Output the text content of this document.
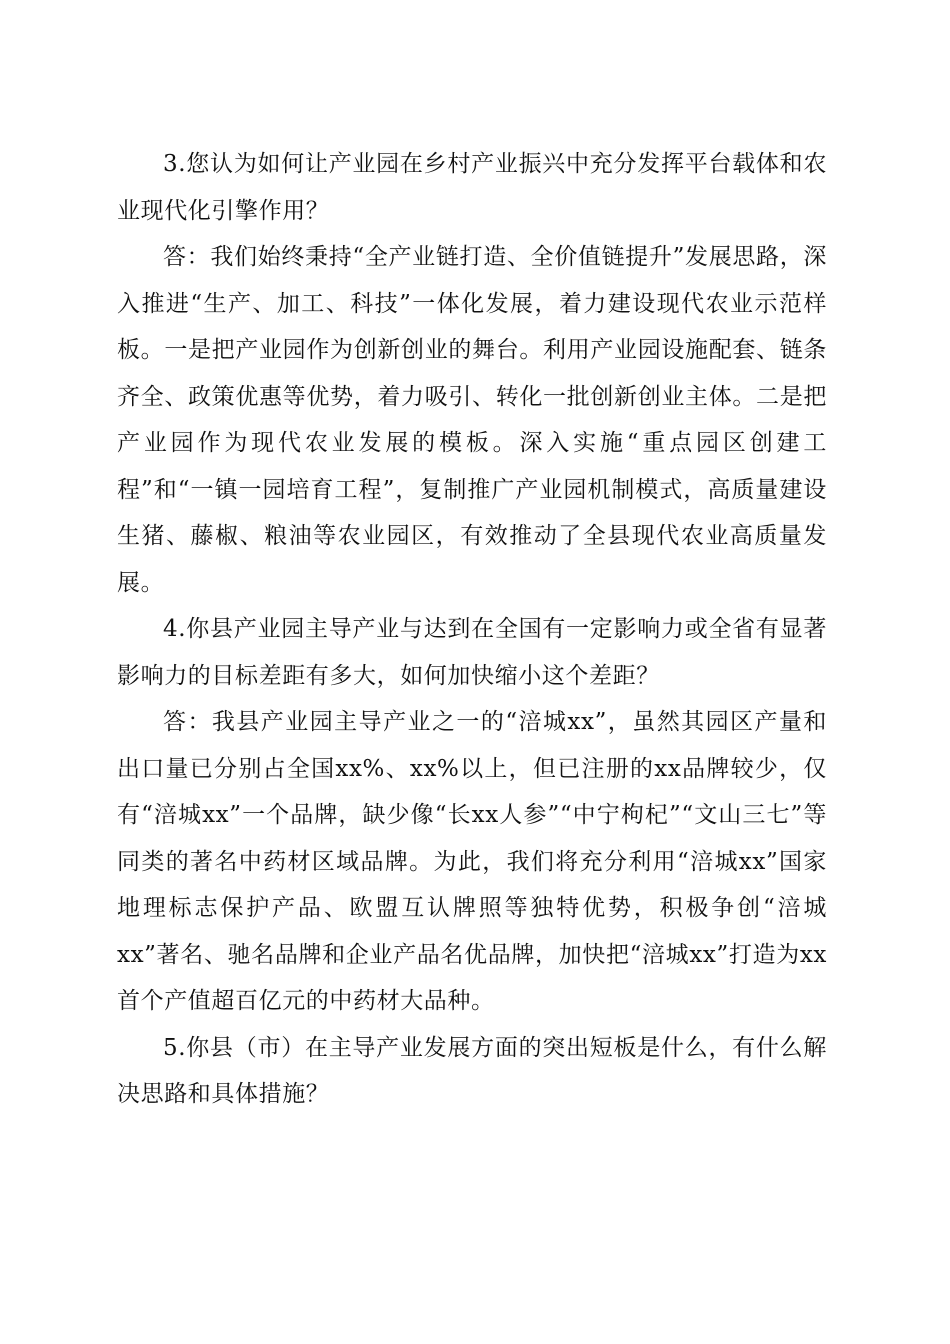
3.您认为如何让产业园在乡村产业振兴中充分发挥平台载体和农业现代化引擎作用？

答：我们始终秉持“全产业链打造、全价值链提升”发展思路，深入推进“生产、加工、科技”一体化发展，着力建设现代农业示范样板。一是把产业园作为创新创业的舞台。利用产业园设施配套、链条齐全、政策优惠等优势，着力吸引、转化一批创新创业主体。二是把产业园作为现代农业发展的模板。深入实施“重点园区创建工程”和“一镇一园培育工程”，复制推广产业园机制模式，高质量建设生猪、藤椒、粮油等农业园区，有效推动了全县现代农业高质量发展。

4.你县产业园主导产业与达到在全国有一定影响力或全省有显著影响力的目标差距有多大，如何加快缩小这个差距？

答：我县产业园主导产业之一的“涪城xx”，虽然其园区产量和出口量已分别占全国xx%、xx%以上，但已注册的xx品牌较少，仅有“涪城xx”一个品牌，缺少像“长xx人参”“中宁枸杞”“文山三七”等同类的著名中药材区域品牌。为此，我们将充分利用“涪城xx”国家地理标志保护产品、欧盟互认牌照等独特优势，积极争创“涪城xx”著名、驰名品牌和企业产品名优品牌，加快把“涪城xx”打造为xx首个产值超百亿元的中药材大品种。

5.你县（市）在主导产业发展方面的突出短板是什么，有什么解决思路和具体措施？
